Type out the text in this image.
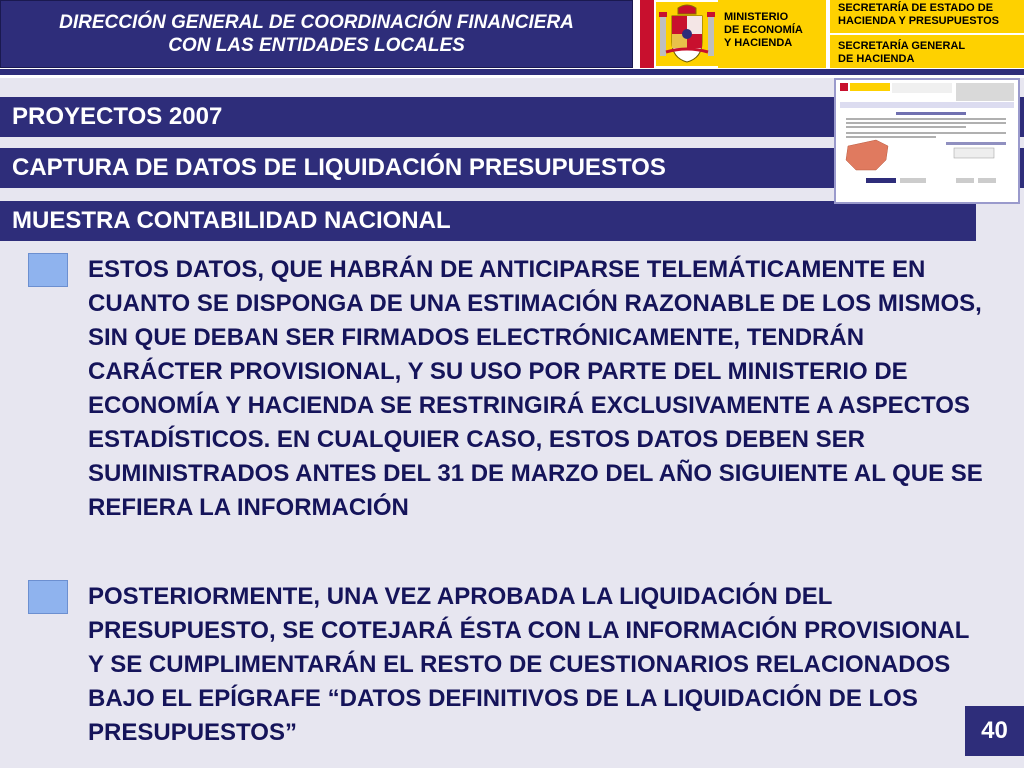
DIRECCIÓN GENERAL DE COORDINACIÓN FINANCIERA
CON LAS ENTIDADES LOCALES
MINISTERIO
DE ECONOMÍA
Y HACIENDA
SECRETARÍA DE ESTADO DE
HACIENDA Y PRESUPUESTOS
SECRETARÍA GENERAL
DE HACIENDA
PROYECTOS 2007
CAPTURA DE DATOS DE LIQUIDACIÓN PRESUPUESTOS
MUESTRA CONTABILIDAD NACIONAL
ESTOS DATOS, QUE HABRÁN DE ANTICIPARSE TELEMÁTICAMENTE EN CUANTO SE DISPONGA DE UNA ESTIMACIÓN RAZONABLE DE LOS MISMOS, SIN QUE DEBAN SER FIRMADOS ELECTRÓNICAMENTE, TENDRÁN CARÁCTER PROVISIONAL, Y SU USO POR PARTE DEL MINISTERIO DE ECONOMÍA Y HACIENDA SE RESTRINGIRÁ EXCLUSIVAMENTE A ASPECTOS ESTADÍSTICOS. EN CUALQUIER CASO, ESTOS DATOS DEBEN SER SUMINISTRADOS ANTES DEL 31 DE MARZO DEL AÑO SIGUIENTE AL QUE SE REFIERA LA INFORMACIÓN
POSTERIORMENTE, UNA VEZ APROBADA LA LIQUIDACIÓN DEL PRESUPUESTO, SE COTEJARÁ ÉSTA CON LA INFORMACIÓN PROVISIONAL Y SE CUMPLIMENTARÁN EL RESTO DE CUESTIONARIOS RELACIONADOS BAJO EL EPÍGRAFE “DATOS DEFINITIVOS DE LA LIQUIDACIÓN DE LOS PRESUPUESTOS”	40
